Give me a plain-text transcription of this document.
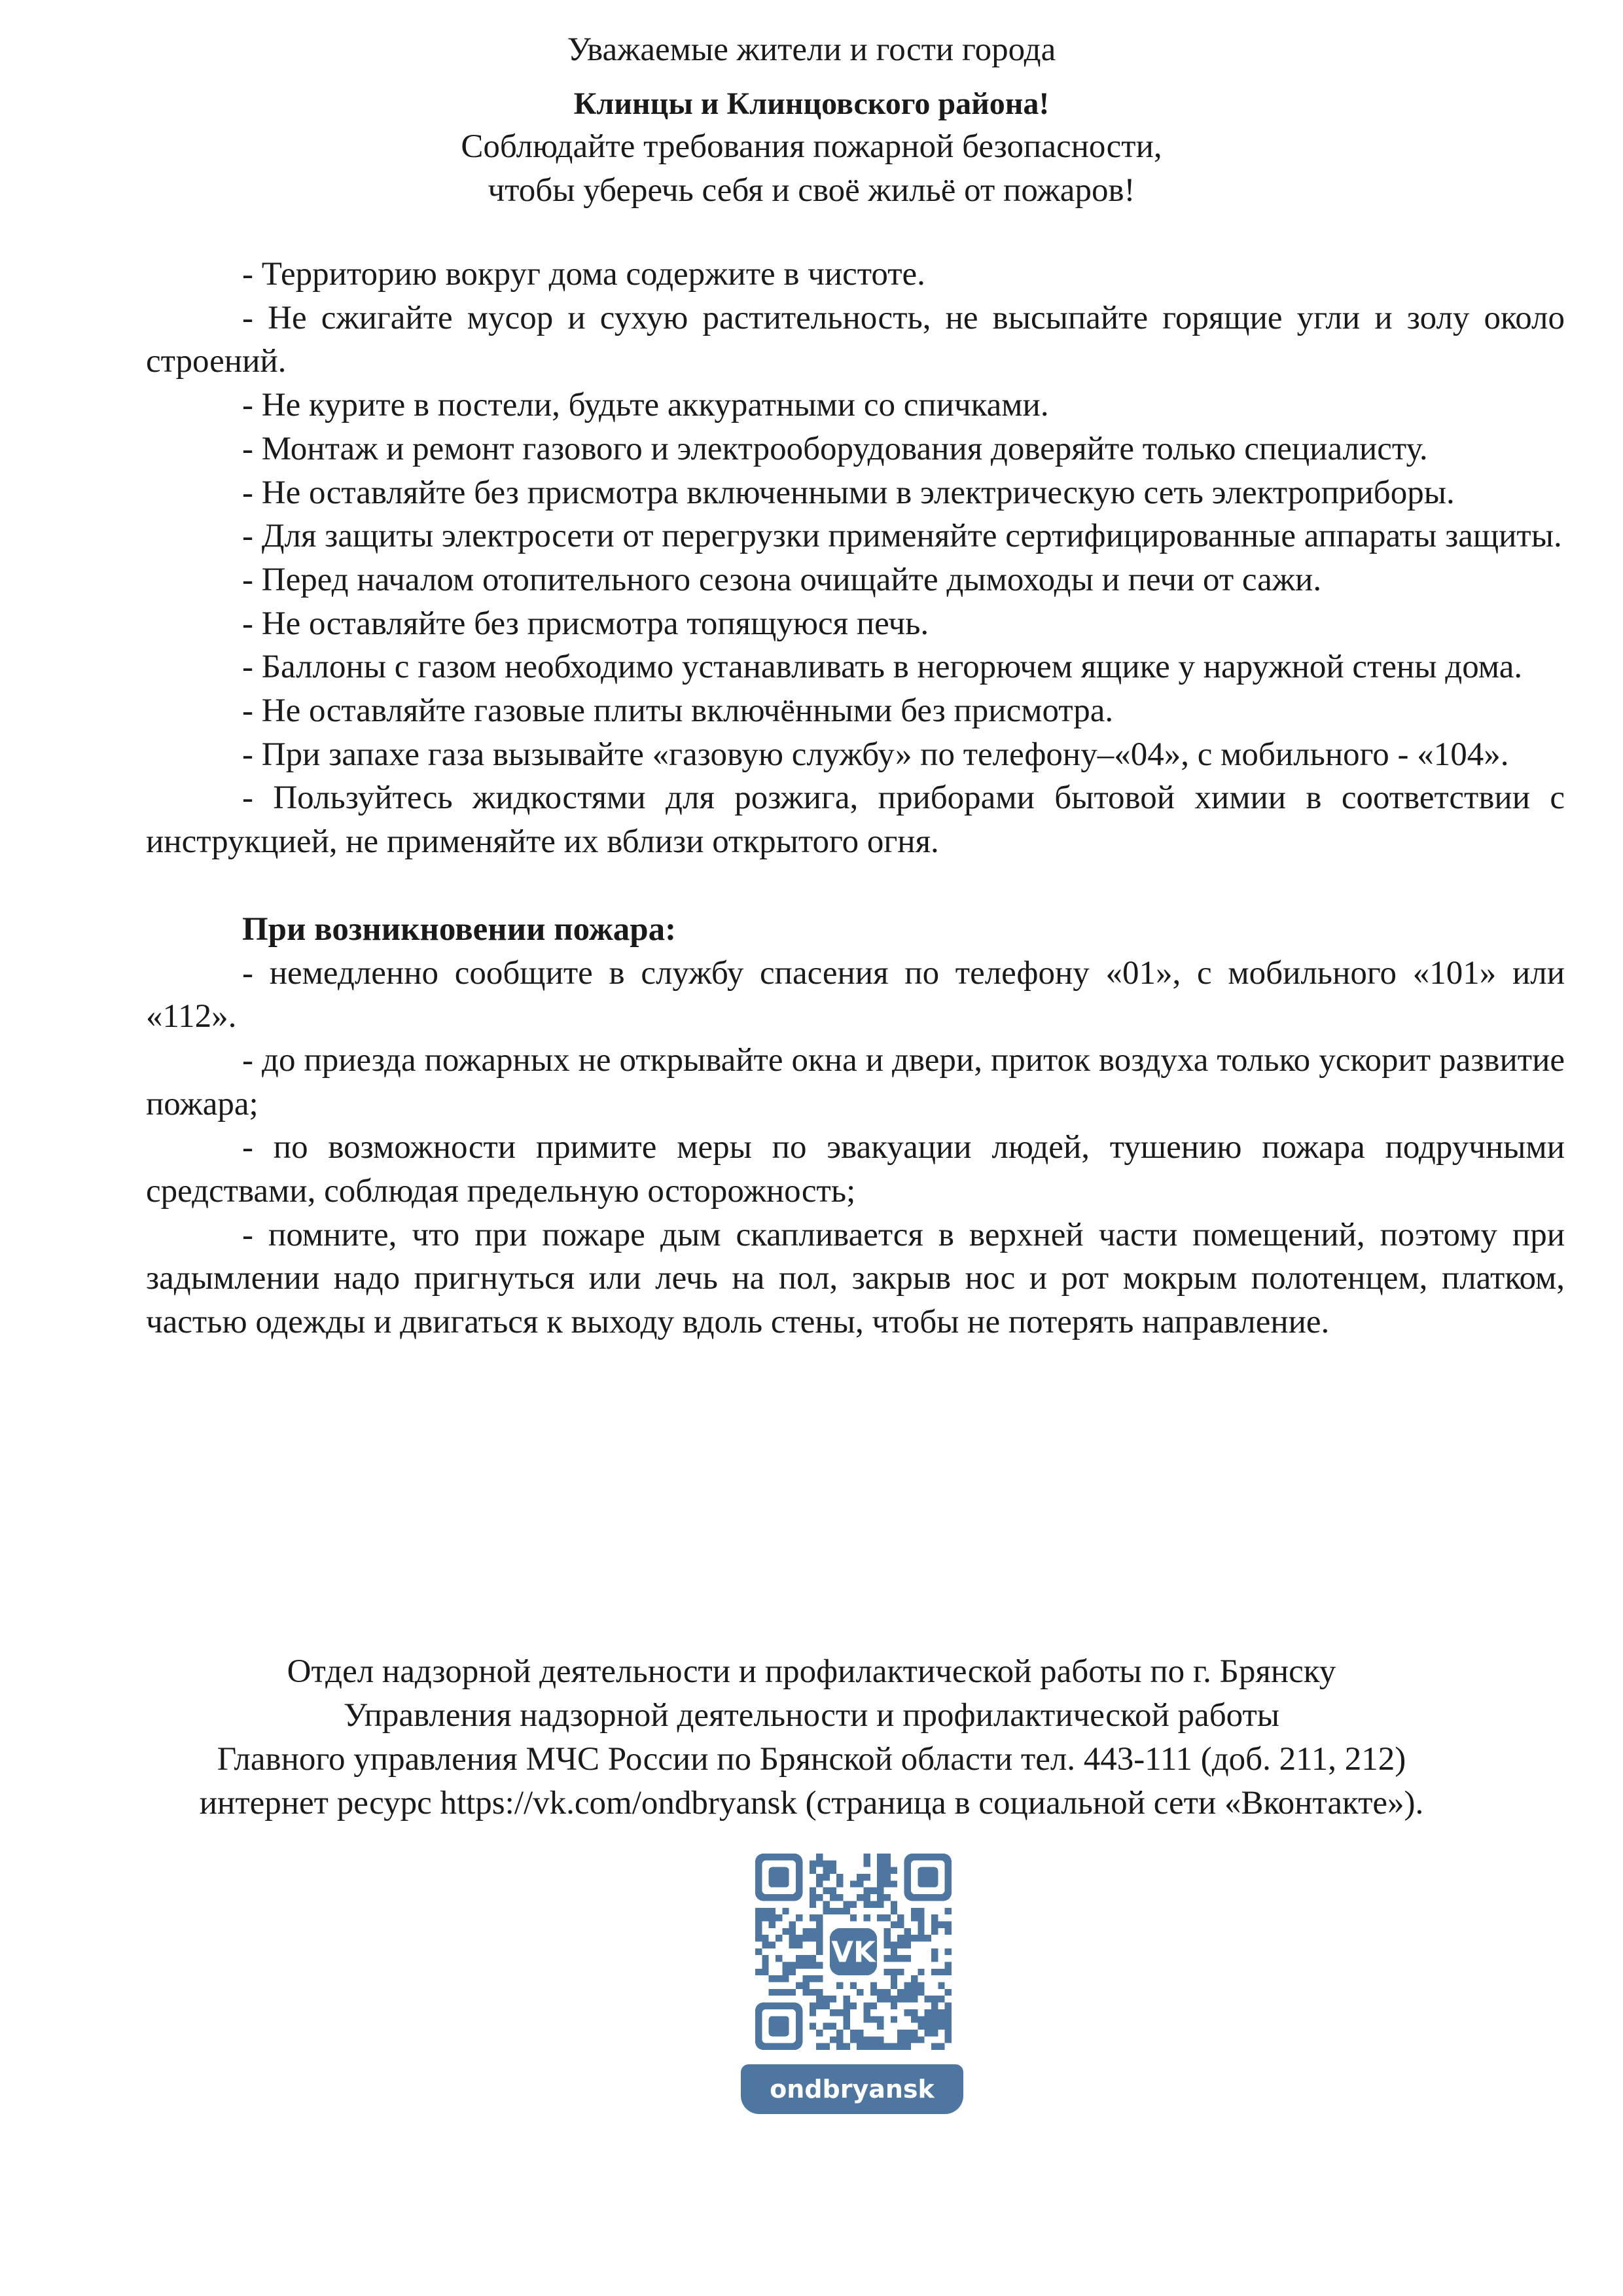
Уважаемые жители и гости города
Клинцы и Клинцовского района!
Соблюдайте требования пожарной безопасности,
чтобы уберечь себя и своё жильё от пожаров!

- Территорию вокруг дома содержите в чистоте.

- Не сжигайте мусор и сухую растительность, не высыпайте горящие угли и золу около строений.

- Не курите в постели, будьте аккуратными со спичками.

- Монтаж и ремонт газового и электрооборудования доверяйте только специалисту.

- Не оставляйте без присмотра включенными в электрическую сеть электроприборы.

- Для защиты электросети от перегрузки применяйте сертифицированные аппараты защиты.

- Перед началом отопительного сезона очищайте дымоходы и печи от сажи.

- Не оставляйте без присмотра топящуюся печь.

- Баллоны с газом необходимо устанавливать в негорючем ящике у наружной стены дома.

- Не оставляйте газовые плиты включёнными без присмотра.

- При запахе газа вызывайте «газовую службу» по телефону–«04», с мобильного - «104».

- Пользуйтесь жидкостями для розжига, приборами бытовой химии в соответствии с инструкцией, не применяйте их вблизи открытого огня.

При возникновении пожара:

- немедленно сообщите в службу спасения по телефону «01», с мобильного «101» или «112».

- до приезда пожарных не открывайте окна и двери, приток воздуха только ускорит развитие пожара;

- по возможности примите меры по эвакуации людей, тушению пожара подручными средствами, соблюдая предельную осторожность;

- помните, что при пожаре дым скапливается в верхней части помещений, поэтому при задымлении надо пригнуться или лечь на пол, закрыв нос и рот мокрым полотенцем, платком, частью одежды и двигаться к выходу вдоль стены, чтобы не потерять направление.

Отдел надзорной деятельности и профилактической работы по г. Брянску
Управления надзорной деятельности и профилактической работы
Главного управления МЧС России по Брянской области тел. 443-111 (доб. 211, 212)
интернет ресурс https://vk.com/ondbryansk (страница в социальной сети «Вконтакте»).
VK
ondbryansk
